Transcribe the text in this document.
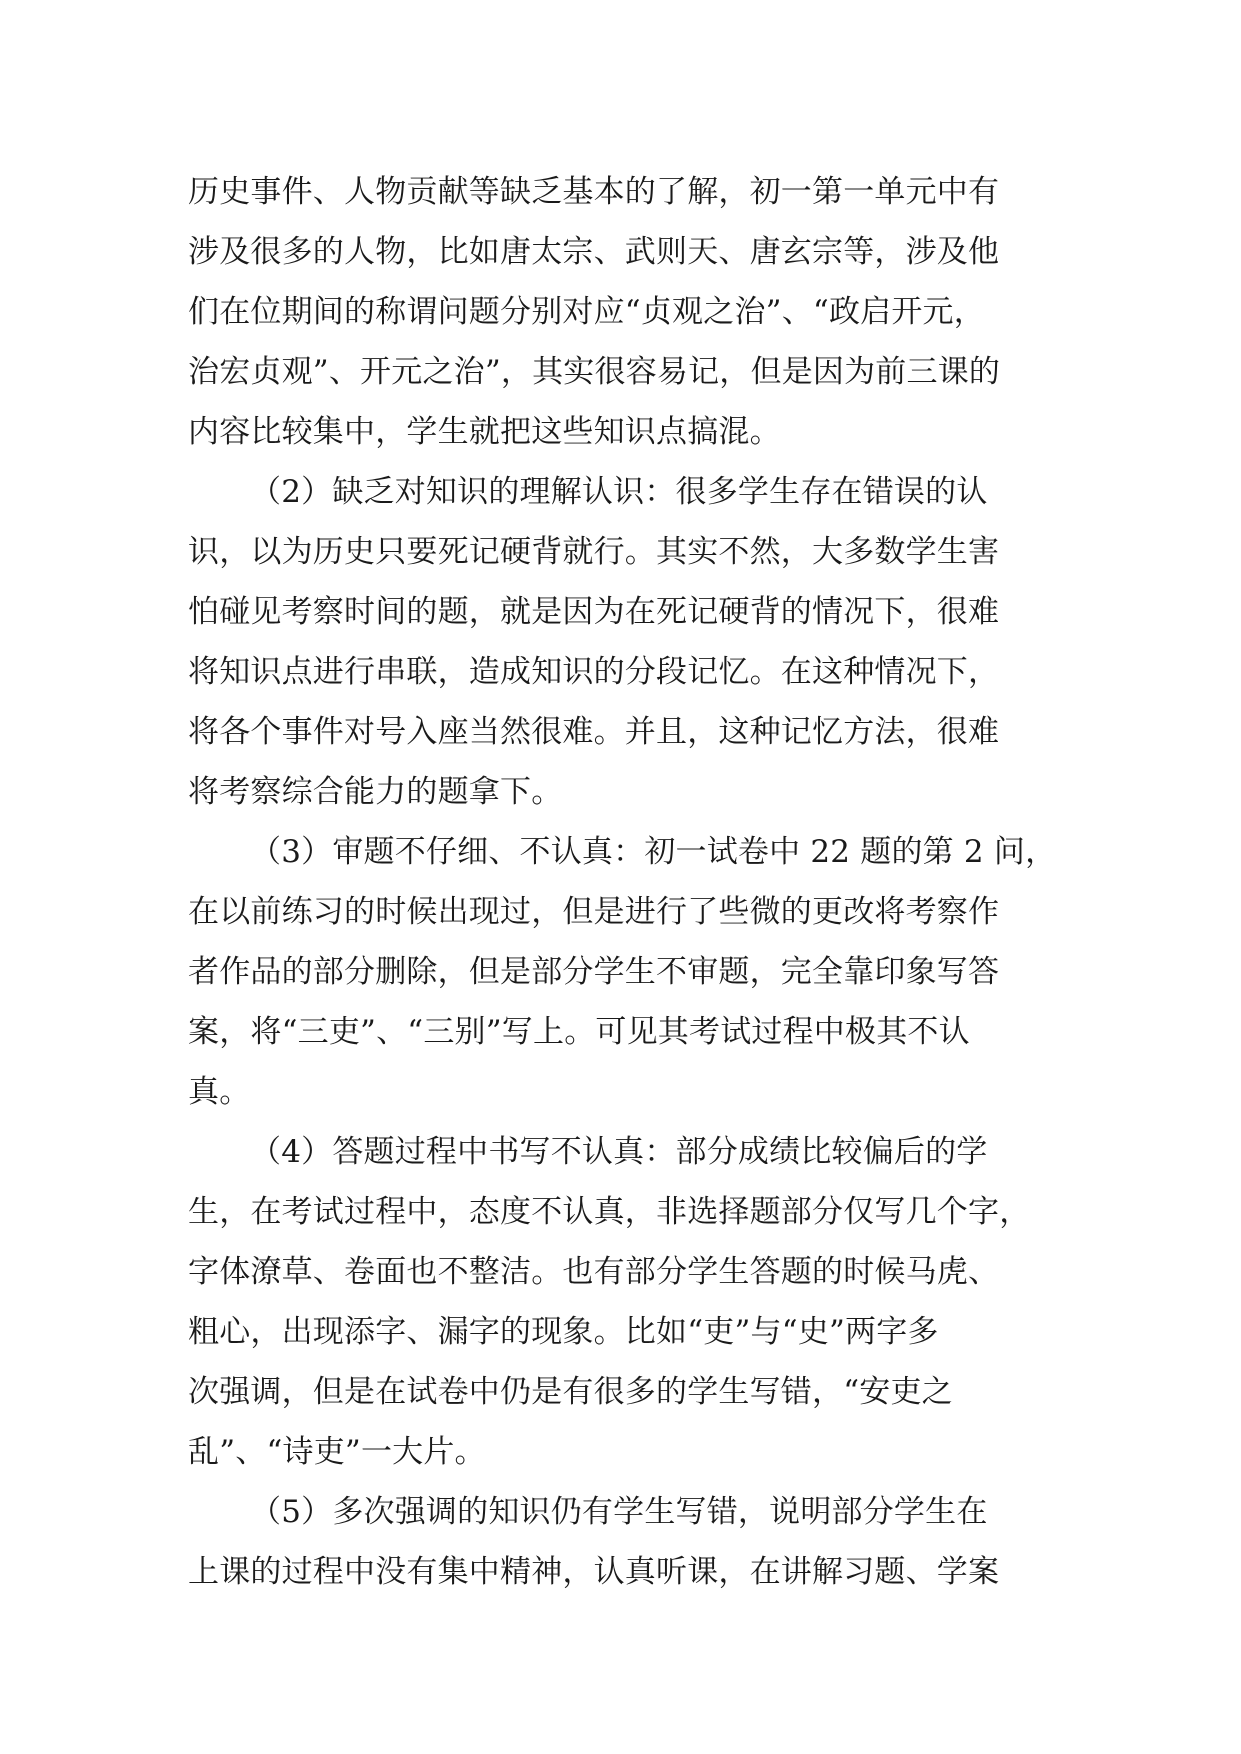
历史事件、人物贡献等缺乏基本的了解，初一第一单元中有
涉及很多的人物，比如唐太宗、武则天、唐玄宗等，涉及他
们在位期间的称谓问题分别对应“贞观之治”、“政启开元，
治宏贞观”、开元之治”，其实很容易记，但是因为前三课的
内容比较集中，学生就把这些知识点搞混。
（2）缺乏对知识的理解认识：很多学生存在错误的认
识，以为历史只要死记硬背就行。其实不然，大多数学生害
怕碰见考察时间的题，就是因为在死记硬背的情况下，很难
将知识点进行串联，造成知识的分段记忆。在这种情况下，
将各个事件对号入座当然很难。并且，这种记忆方法，很难
将考察综合能力的题拿下。
（3）审题不仔细、不认真：初一试卷中 22 题的第 2 问，
在以前练习的时候出现过，但是进行了些微的更改将考察作
者作品的部分删除，但是部分学生不审题，完全靠印象写答
案，将“三吏”、“三别”写上。可见其考试过程中极其不认
真。
（4）答题过程中书写不认真：部分成绩比较偏后的学
生，在考试过程中，态度不认真，非选择题部分仅写几个字，
字体潦草、卷面也不整洁。也有部分学生答题的时候马虎、
粗心，出现添字、漏字的现象。比如“吏”与“史”两字多
次强调，但是在试卷中仍是有很多的学生写错，“安吏之
乱”、“诗吏”一大片。
（5）多次强调的知识仍有学生写错，说明部分学生在
上课的过程中没有集中精神，认真听课，在讲解习题、学案
